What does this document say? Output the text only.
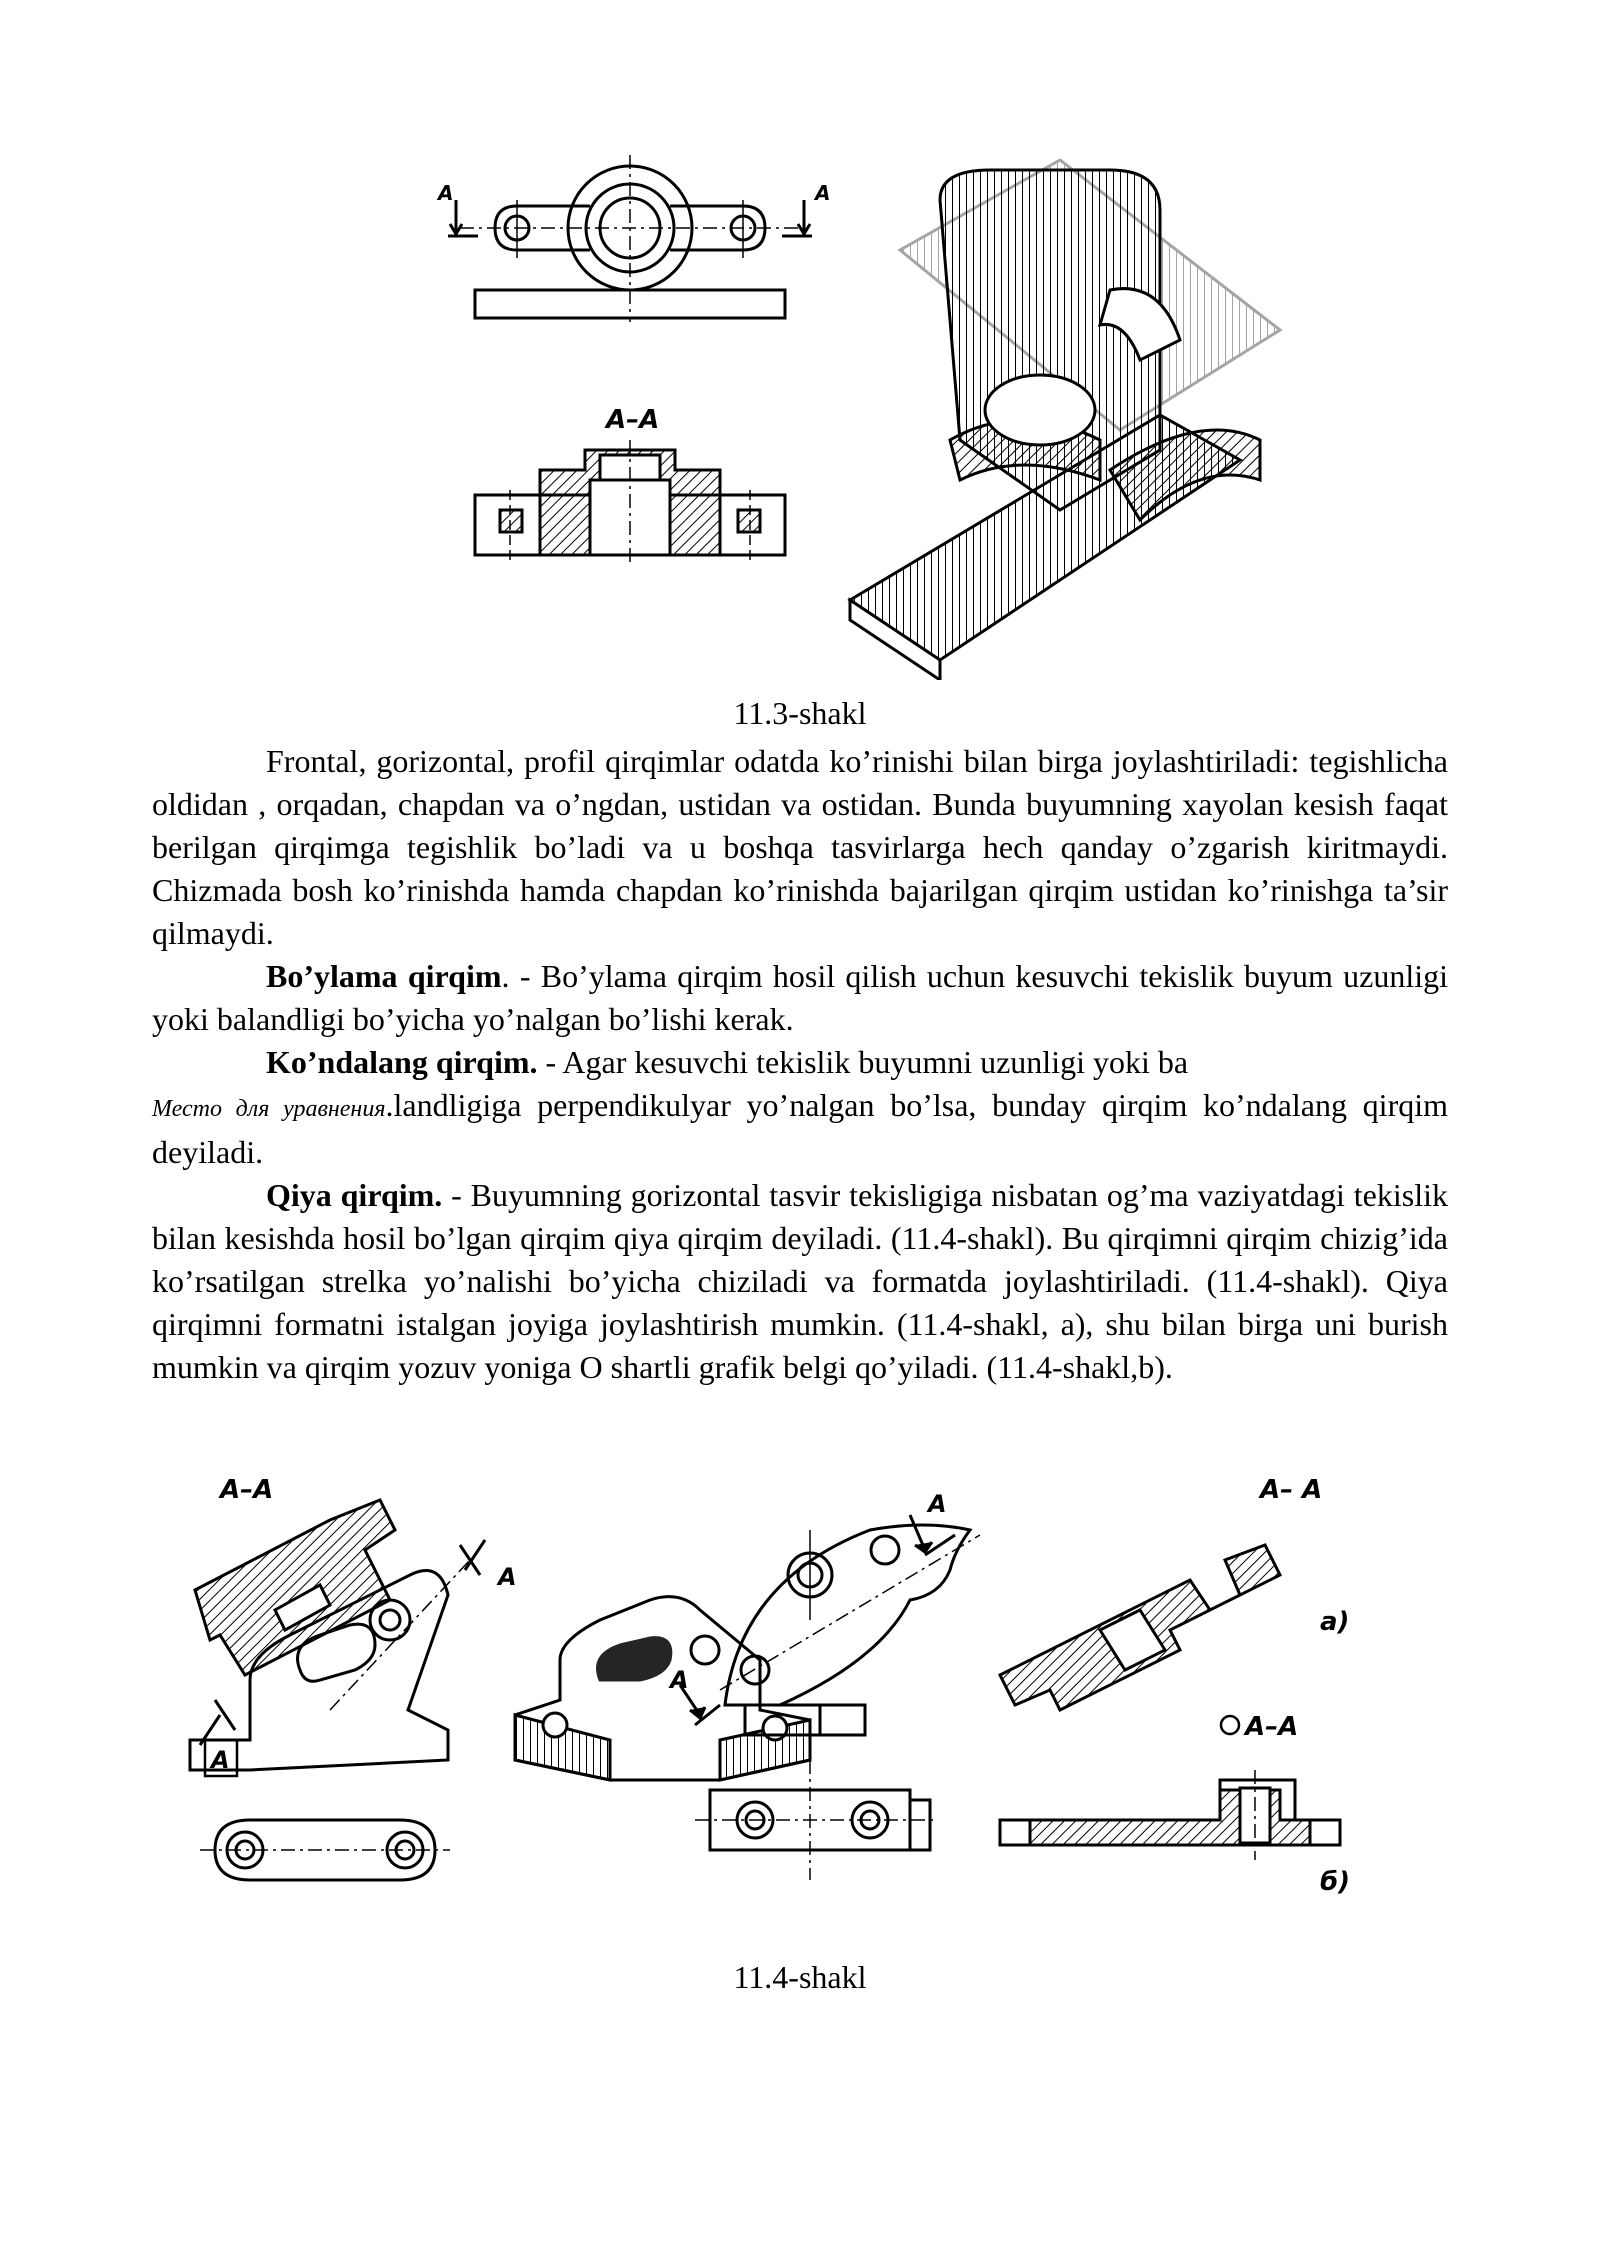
A	A
A–A
11.3-shakl

Frontal, gorizontal, profil qirqimlar odatda ko’rinishi bilan birga joylashtiriladi: tegishlicha oldidan , orqadan, chapdan va o’ngdan, ustidan va ostidan. Bunda buyumning xayolan kesish faqat berilgan qirqimga tegishlik bo’ladi va u boshqa tasvirlarga hech qanday o’zgarish kiritmaydi. Chizmada bosh ko’rinishda hamda chapdan ko’rinishda bajarilgan qirqim ustidan ko’rinishga ta’sir qilmaydi.

Bo’ylama qirqim. - Bo’ylama qirqim hosil qilish uchun kesuvchi tekislik buyum uzunligi yoki balandligi bo’yicha yo’nalgan bo’lishi kerak.

Ko’ndalang qirqim. - Agar kesuvchi tekislik buyumni uzunligi yoki ba

Место для уравнения.landligiga perpendikulyar yo’nalgan bo’lsa, bunday qirqim ko’ndalang qirqim deyiladi.

Qiya qirqim. - Buyumning gorizontal tasvir tekisligiga nisbatan og’ma vaziyatdagi tekislik bilan kesishda hosil bo’lgan qirqim qiya qirqim deyiladi. (11.4-shakl). Bu qirqimni qirqim chizig’ida ko’rsatilgan strelka yo’nalishi bo’yicha chiziladi va formatda joylashtiriladi. (11.4-shakl). Qiya qirqimni formatni istalgan joyiga joylashtirish mumkin. (11.4-shakl, a), shu bilan birga uni burish mumkin va qirqim yozuv yoniga O shartli grafik belgi qo’yiladi. (11.4-shakl,b).

A–A
A
A
A
A
A– A
a)
A–A
б)
11.4-shakl
